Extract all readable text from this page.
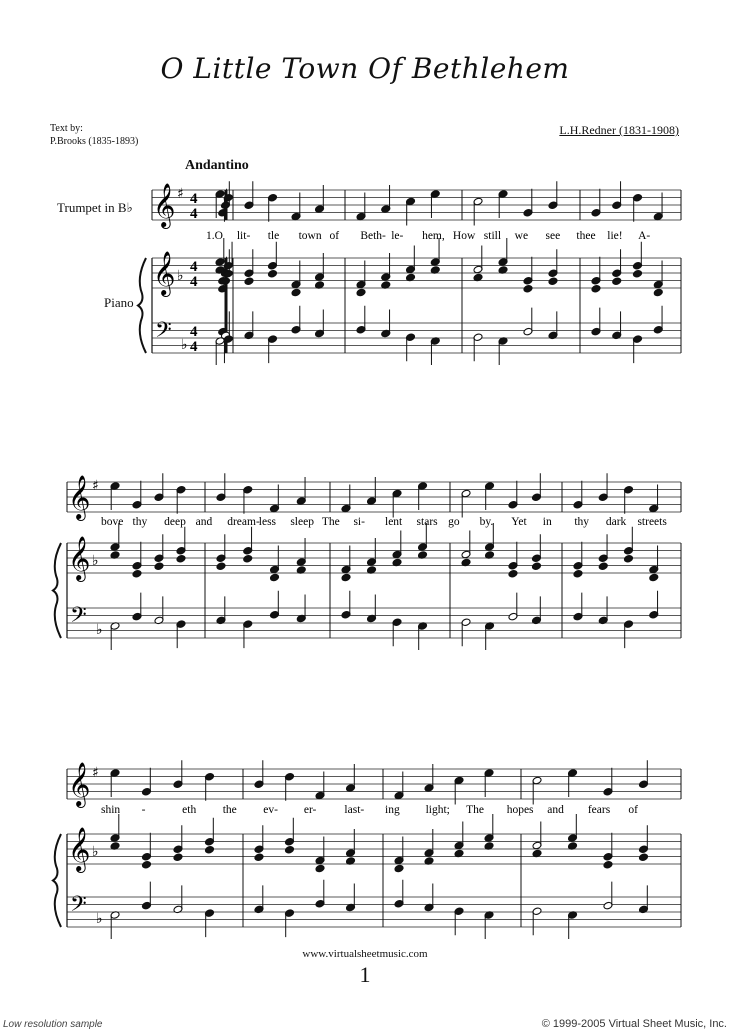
O Little Town Of Bethlehem
Text by:
P.Brooks (1835-1893)
L.H.Redner (1831-1908)
Andantino
Trumpet in B♭
Piano
𝄞
𝄞
𝄢
♯
♭
♭
4
4
4
4
4
4
𝄞
𝄞
𝄢
♯
♭
♭
𝄞
𝄞
𝄢
♯
♭
♭
1.O lit- tle town of Beth- le- hem, How still we see thee lie! A-
bove thy deep and dream-
less sleep The si- lent stars go by. Yet in thy dark streets
shin -	eth the ev- er- last- ing light; The hopes and fears of
www.virtualsheetmusic.com
1
Low resolution sample	© 1999-2005 Virtual Sheet Music, Inc.
